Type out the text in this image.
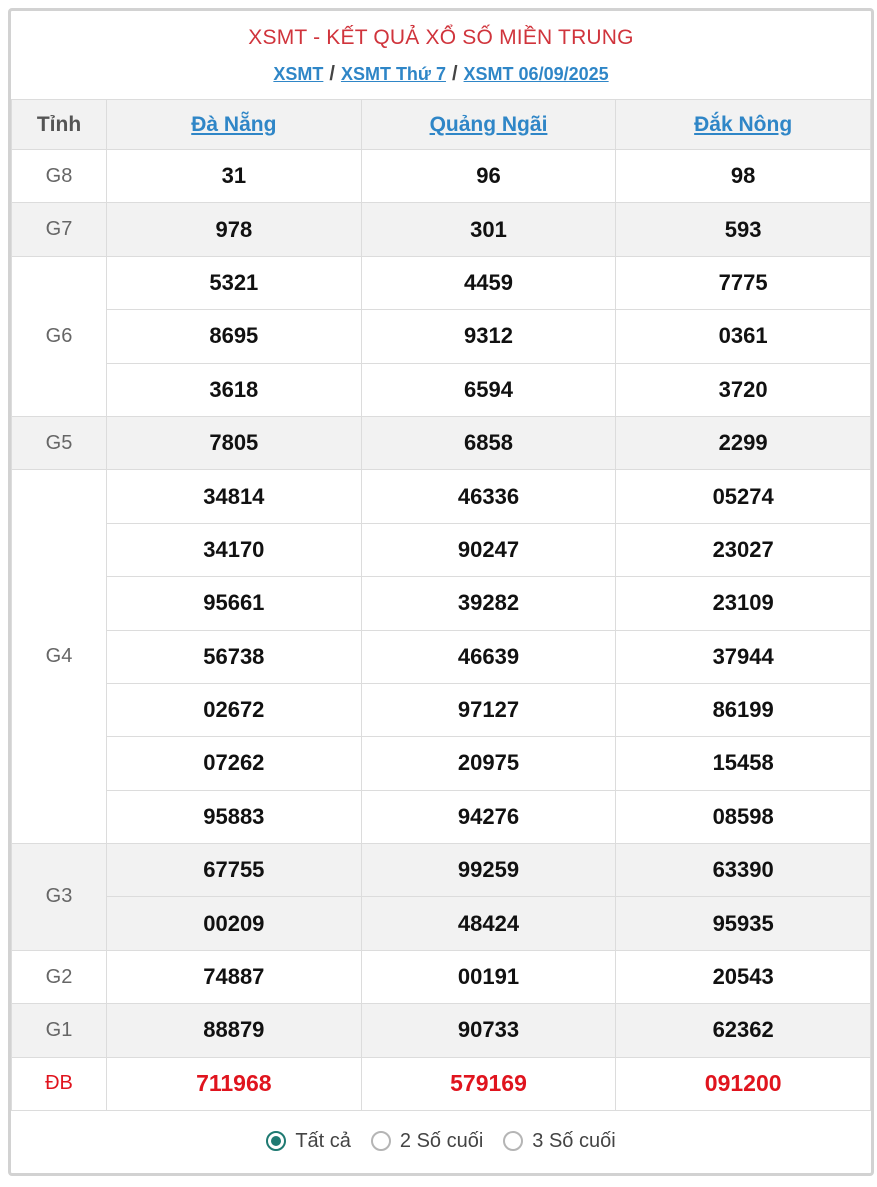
XSMT - KẾT QUẢ XỔ SỐ MIỀN TRUNG
XSMT / XSMT Thứ 7 / XSMT 06/09/2025
Tỉnh	Đà Nẵng	Quảng Ngãi	Đắk Nông
G8	31	96	98
G7	978	301	593
G6	5321	4459	7775
	8695	9312	0361
	3618	6594	3720
G5	7805	6858	2299
G4	34814	46336	05274
	34170	90247	23027
	95661	39282	23109
	56738	46639	37944
	02672	97127	86199
	07262	20975	15458
	95883	94276	08598
G3	67755	99259	63390
	00209	48424	95935
G2	74887	00191	20543
G1	88879	90733	62362
ĐB	711968	579169	091200
Tất cả 2 Số cuối 3 Số cuối
